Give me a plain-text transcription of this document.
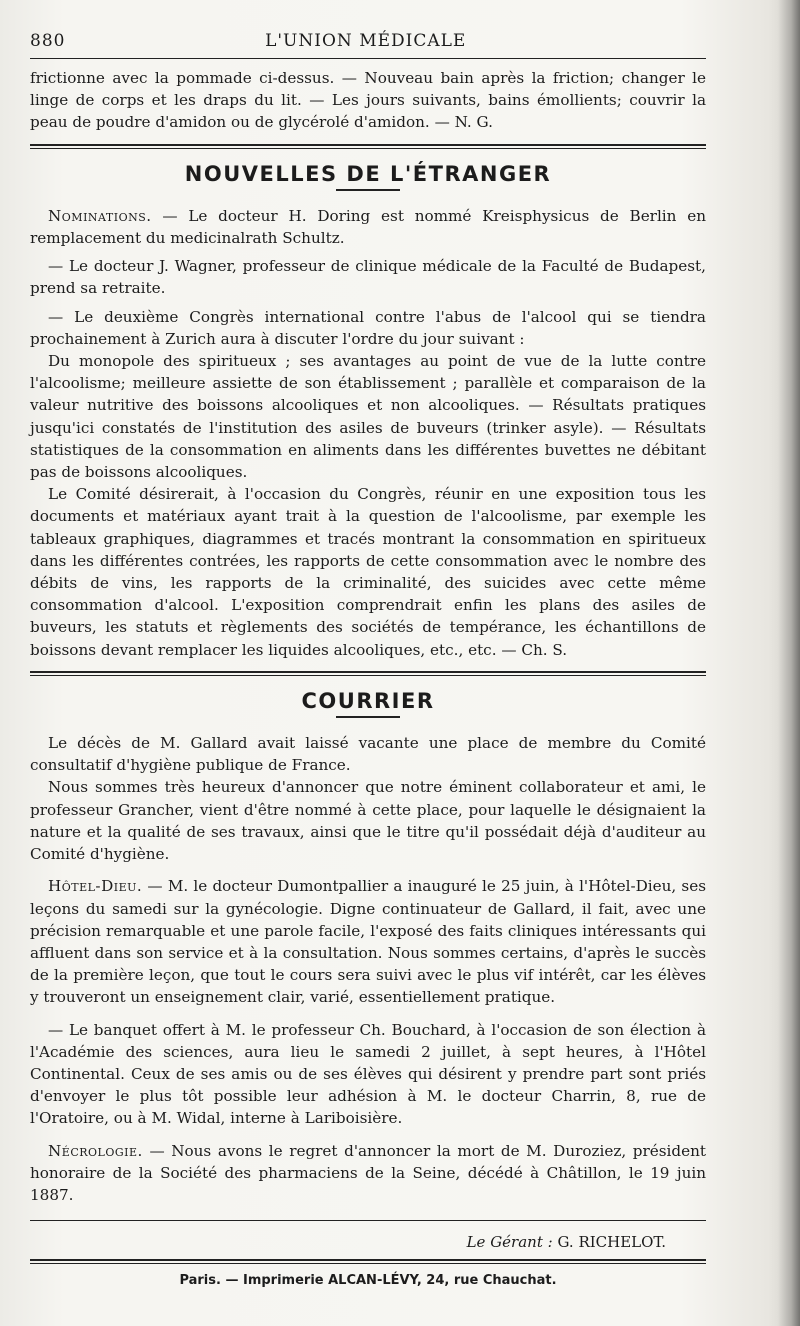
880	L'UNION MÉDICALE

frictionne avec la pommade ci-dessus. — Nouveau bain après la friction; changer le linge de corps et les draps du lit. — Les jours suivants, bains émollients; couvrir la peau de poudre d'amidon ou de glycérolé d'amidon. — N. G.

NOUVELLES DE L'ÉTRANGER

Nominations. — Le docteur H. Doring est nommé Kreisphysicus de Berlin en remplacement du medicinalrath Schultz.

— Le docteur J. Wagner, professeur de clinique médicale de la Faculté de Budapest, prend sa retraite.

— Le deuxième Congrès international contre l'abus de l'alcool qui se tiendra prochainement à Zurich aura à discuter l'ordre du jour suivant :

Du monopole des spiritueux ; ses avantages au point de vue de la lutte contre l'alcoolisme; meilleure assiette de son établissement ; parallèle et comparaison de la valeur nutritive des boissons alcooliques et non alcooliques. — Résultats pratiques jusqu'ici constatés de l'institution des asiles de buveurs (trinker asyle). — Résultats statistiques de la consommation en aliments dans les différentes buvettes ne débitant pas de boissons alcooliques.

Le Comité désirerait, à l'occasion du Congrès, réunir en une exposition tous les documents et matériaux ayant trait à la question de l'alcoolisme, par exemple les tableaux graphiques, diagrammes et tracés montrant la consommation en spiritueux dans les différentes contrées, les rapports de cette consommation avec le nombre des débits de vins, les rapports de la criminalité, des suicides avec cette même consommation d'alcool. L'exposition comprendrait enfin les plans des asiles de buveurs, les statuts et règlements des sociétés de tempérance, les échantillons de boissons devant remplacer les liquides alcooliques, etc., etc. — Ch. S.

COURRIER

Le décès de M. Gallard avait laissé vacante une place de membre du Comité consultatif d'hygiène publique de France.

Nous sommes très heureux d'annoncer que notre éminent collaborateur et ami, le professeur Grancher, vient d'être nommé à cette place, pour laquelle le désignaient la nature et la qualité de ses travaux, ainsi que le titre qu'il possédait déjà d'auditeur au Comité d'hygiène.

Hôtel-Dieu. — M. le docteur Dumontpallier a inauguré le 25 juin, à l'Hôtel-Dieu, ses leçons du samedi sur la gynécologie. Digne continuateur de Gallard, il fait, avec une précision remarquable et une parole facile, l'exposé des faits cliniques intéressants qui affluent dans son service et à la consultation. Nous sommes certains, d'après le succès de la première leçon, que tout le cours sera suivi avec le plus vif intérêt, car les élèves y trouveront un enseignement clair, varié, essentiellement pratique.

— Le banquet offert à M. le professeur Ch. Bouchard, à l'occasion de son élection à l'Académie des sciences, aura lieu le samedi 2 juillet, à sept heures, à l'Hôtel Continental. Ceux de ses amis ou de ses élèves qui désirent y prendre part sont priés d'envoyer le plus tôt possible leur adhésion à M. le docteur Charrin, 8, rue de l'Oratoire, ou à M. Widal, interne à Lariboisière.

Nécrologie. — Nous avons le regret d'annoncer la mort de M. Duroziez, président honoraire de la Société des pharmaciens de la Seine, décédé à Châtillon, le 19 juin 1887.

Le Gérant : G. RICHELOT.
Paris. — Imprimerie ALCAN-LÉVY, 24, rue Chauchat.
